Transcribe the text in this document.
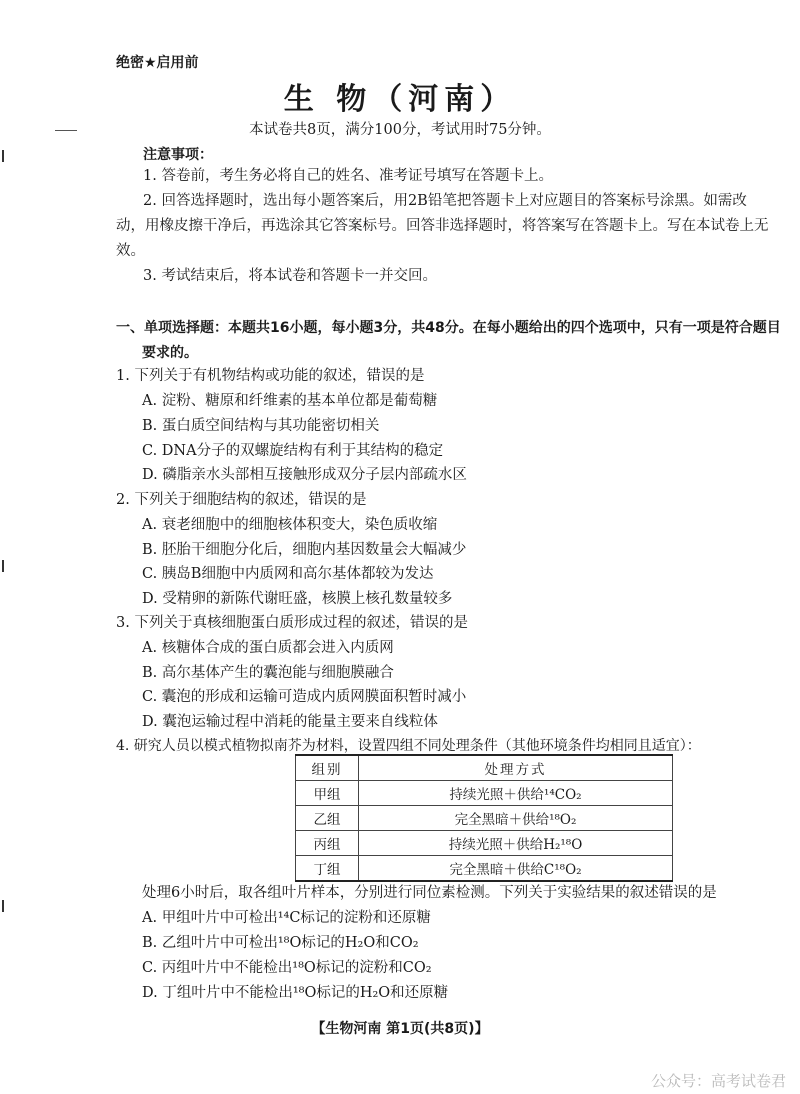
绝密★启用前
生 物（河南）
本试卷共8页，满分100分，考试用时75分钟。
注意事项：
1. 答卷前，考生务必将自己的姓名、准考证号填写在答题卡上。
2. 回答选择题时，选出每小题答案后，用2B铅笔把答题卡上对应题目的答案标号涂黑。如需改动，用橡皮擦干净后，再选涂其它答案标号。回答非选择题时，将答案写在答题卡上。写在本试卷上无效。
3. 考试结束后，将本试卷和答题卡一并交回。
一、单项选择题：本题共16小题，每小题3分，共48分。在每小题给出的四个选项中，只有一项是符合题目要求的。
1. 下列关于有机物结构或功能的叙述，错误的是
A. 淀粉、糖原和纤维素的基本单位都是葡萄糖
B. 蛋白质空间结构与其功能密切相关
C. DNA分子的双螺旋结构有利于其结构的稳定
D. 磷脂亲水头部相互接触形成双分子层内部疏水区
2. 下列关于细胞结构的叙述，错误的是
A. 衰老细胞中的细胞核体积变大，染色质收缩
B. 胚胎干细胞分化后，细胞内基因数量会大幅减少
C. 胰岛B细胞中内质网和高尔基体都较为发达
D. 受精卵的新陈代谢旺盛，核膜上核孔数量较多
3. 下列关于真核细胞蛋白质形成过程的叙述，错误的是
A. 核糖体合成的蛋白质都会进入内质网
B. 高尔基体产生的囊泡能与细胞膜融合
C. 囊泡的形成和运输可造成内质网膜面积暂时减小
D. 囊泡运输过程中消耗的能量主要来自线粒体
4. 研究人员以模式植物拟南芥为材料，设置四组不同处理条件（其他环境条件均相同且适宜）：
组别	处理方式
甲组	持续光照＋供给¹⁴CO₂
乙组	完全黑暗＋供给¹⁸O₂
丙组	持续光照＋供给H₂¹⁸O
丁组	完全黑暗＋供给C¹⁸O₂
处理6小时后，取各组叶片样本，分别进行同位素检测。下列关于实验结果的叙述错误的是
A. 甲组叶片中可检出¹⁴C标记的淀粉和还原糖
B. 乙组叶片中可检出¹⁸O标记的H₂O和CO₂
C. 丙组叶片中不能检出¹⁸O标记的淀粉和CO₂
D. 丁组叶片中不能检出¹⁸O标记的H₂O和还原糖
【生物河南 第1页(共8页)】
公众号：高考试卷君
